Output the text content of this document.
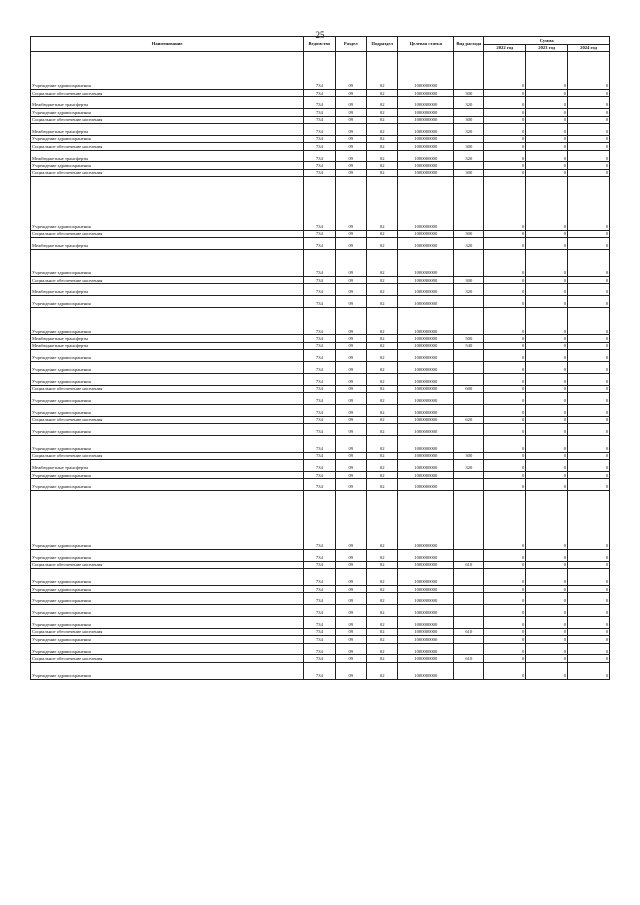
25
Наименование	Ведомство	Раздел	Подраздел	Целевая статья	Вид расхода	Сумма		
						2022 год	2023 год	2024 год
Учреждение здравоохранения	734	09	02	1000000000		0	0	0
Социальное обеспечение населения	734	09	02	1000000000	300	0	0	0
Межбюджетные трансферты	734	09	02	1000000000	320	0	0	0
Учреждение здравоохранения	734	09	02	1000000000		0	0	0
Социальное обеспечение населения	734	09	02	1000000000	300	0	0	0
Межбюджетные трансферты	734	09	02	1000000000	320	0	0	0
Учреждение здравоохранения	734	09	02	1000000000		0	0	0
Социальное обеспечение населения	734	09	02	1000000000	300	0	0	0
Межбюджетные трансферты	734	09	02	1000000000	320	0	0	0
Учреждение здравоохранения	734	09	02	1000000000		0	0	0
Социальное обеспечение населения	734	09	02	1000000000	300	0	0	0
Учреждение здравоохранения	734	09	02	1000000000		0	0	0
Социальное обеспечение населения	734	09	02	1000000000	300	0	0	0
Межбюджетные трансферты	734	09	02	1000000000	320	0	0	0
Учреждение здравоохранения	734	09	02	1000000000		0	0	0
Социальное обеспечение населения	734	09	02	1000000000	300	0	0	0
Межбюджетные трансферты	734	09	02	1000000000	320	0	0	0
Учреждение здравоохранения	734	09	02	1000000000		0	0	0
Учреждение здравоохранения	734	09	02	1000000000		0	0	0
Межбюджетные трансферты	734	09	02	1000000000	500	0	0	0
Межбюджетные трансферты	734	09	02	1000000000	540	0	0	0
Учреждение здравоохранения	734	09	02	1000000000		0	0	0
Учреждение здравоохранения	734	09	02	1000000000		0	0	0
Учреждение здравоохранения	734	09	02	1000000000		0	0	0
Социальное обеспечение населения	734	09	02	1000000000	600	0	0	0
Учреждение здравоохранения	734	09	02	1000000000		0	0	0
Учреждение здравоохранения	734	09	02	1000000000		0	0	0
Социальное обеспечение населения	734	09	02	1000000000	620	0	0	0
Учреждение здравоохранения	734	09	02	1000000000		0	0	0
Учреждение здравоохранения	734	09	02	1000000000		0	0	0
Социальное обеспечение населения	734	09	02	1000000000	300	0	0	0
Межбюджетные трансферты	734	09	02	1000000000	320	0	0	0
Учреждение здравоохранения	734	09	02	1000000000		0	0	0
Учреждение здравоохранения	734	09	02	1000000000		0	0	0
Учреждение здравоохранения	734	09	02	1000000000		0	0	0
Учреждение здравоохранения	734	09	02	1000000000		0	0	0
Социальное обеспечение населения	734	09	02	1000000000	610	0	0	0
Учреждение здравоохранения	734	09	02	1000000000		0	0	0
Учреждение здравоохранения	734	09	02	1000000000		0	0	0
Учреждение здравоохранения	734	09	02	1000000000		0	0	0
Учреждение здравоохранения	734	09	02	1000000000		0	0	0
Учреждение здравоохранения	734	09	02	1000000000		0	0	0
Социальное обеспечение населения	734	09	02	1000000000	610	0	0	0
Учреждение здравоохранения	734	09	02	1000000000		0	0	0
Учреждение здравоохранения	734	09	02	1000000000		0	0	0
Социальное обеспечение населения	734	09	02	1000000000	610	0	0	0
Учреждение здравоохранения	734	09	02	1000000000		0	0	0
